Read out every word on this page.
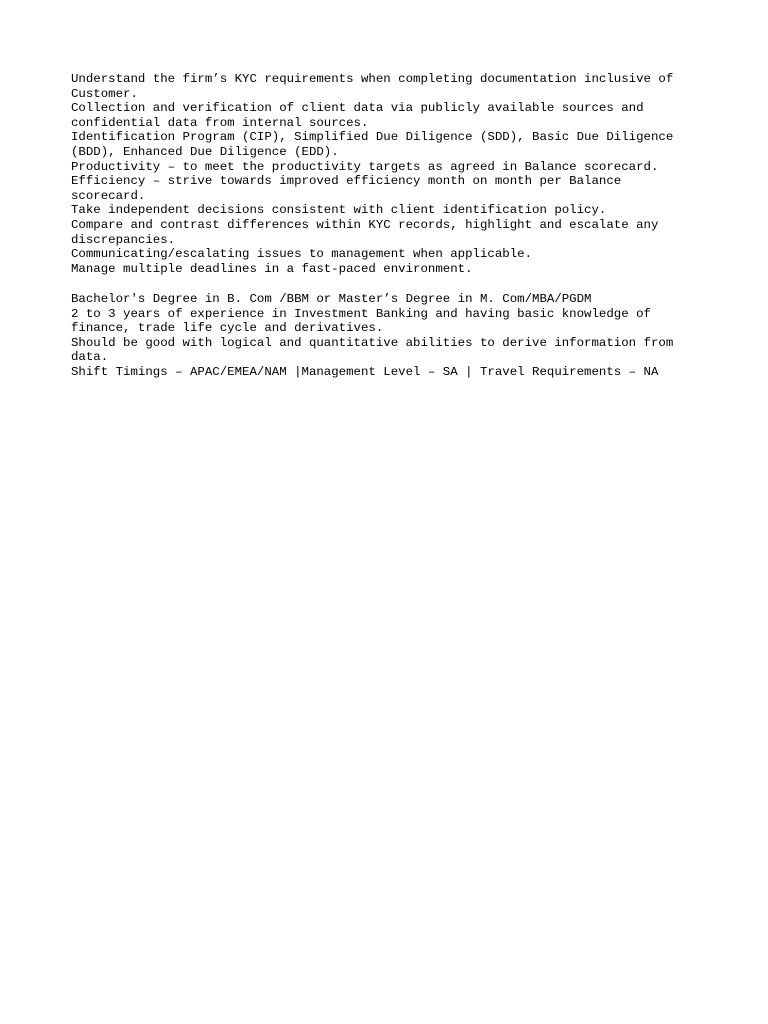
Understand the firm’s KYC requirements when completing documentation inclusive of
Customer.
Collection and verification of client data via publicly available sources and
confidential data from internal sources.
Identification Program (CIP), Simplified Due Diligence (SDD), Basic Due Diligence
(BDD), Enhanced Due Diligence (EDD).
Productivity – to meet the productivity targets as agreed in Balance scorecard.
Efficiency – strive towards improved efficiency month on month per Balance
scorecard.
Take independent decisions consistent with client identification policy.
Compare and contrast differences within KYC records, highlight and escalate any
discrepancies.
Communicating/escalating issues to management when applicable.
Manage multiple deadlines in a fast-paced environment.
Bachelor's Degree in B. Com /BBM or Master’s Degree in M. Com/MBA/PGDM
2 to 3 years of experience in Investment Banking and having basic knowledge of
finance, trade life cycle and derivatives.
Should be good with logical and quantitative abilities to derive information from
data.
Shift Timings – APAC/EMEA/NAM |Management Level – SA | Travel Requirements – NA
